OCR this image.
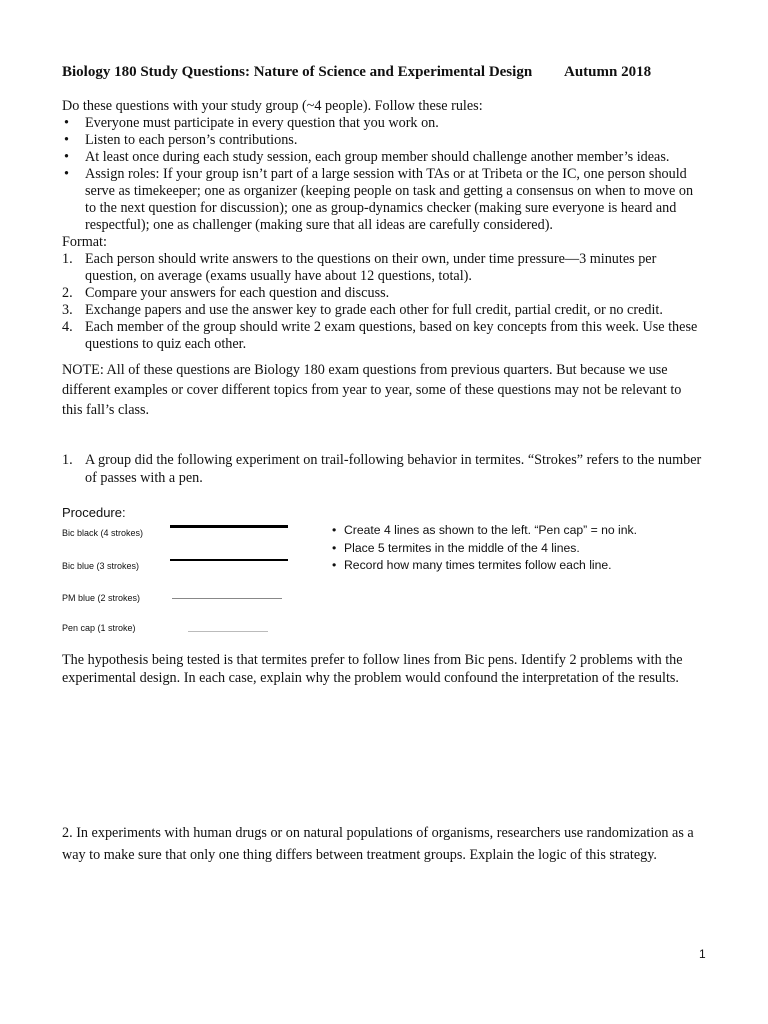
Biology 180 Study Questions: Nature of Science and Experimental Design Autumn 2018
Do these questions with your study group (~4 people). Follow these rules:
• Everyone must participate in every question that you work on.
• Listen to each person’s contributions.
• At least once during each study session, each group member should challenge another member’s ideas.
• Assign roles: If your group isn’t part of a large session with TAs or at Tribeta or the IC, one person should serve as timekeeper; one as organizer (keeping people on task and getting a consensus on when to move on to the next question for discussion); one as group-dynamics checker (making sure everyone is heard and respectful); one as challenger (making sure that all ideas are carefully considered).
Format:
1. Each person should write answers to the questions on their own, under time pressure—3 minutes per question, on average (exams usually have about 12 questions, total).
2. Compare your answers for each question and discuss.
3. Exchange papers and use the answer key to grade each other for full credit, partial credit, or no credit.
4. Each member of the group should write 2 exam questions, based on key concepts from this week. Use these questions to quiz each other.
NOTE: All of these questions are Biology 180 exam questions from previous quarters. But because we use different examples or cover different topics from year to year, some of these questions may not be relevant to this fall’s class.
1. A group did the following experiment on trail-following behavior in termites. “Strokes” refers to the number of passes with a pen.
Procedure:
Bic black (4 strokes)
Bic blue (3 strokes)
PM blue (2 strokes)
Pen cap (1 stroke)
• Create 4 lines as shown to the left. “Pen cap” = no ink.
• Place 5 termites in the middle of the 4 lines.
• Record how many times termites follow each line.
The hypothesis being tested is that termites prefer to follow lines from Bic pens. Identify 2 problems with the experimental design. In each case, explain why the problem would confound the interpretation of the results.
2. In experiments with human drugs or on natural populations of organisms, researchers use randomization as a way to make sure that only one thing differs between treatment groups. Explain the logic of this strategy.
1
